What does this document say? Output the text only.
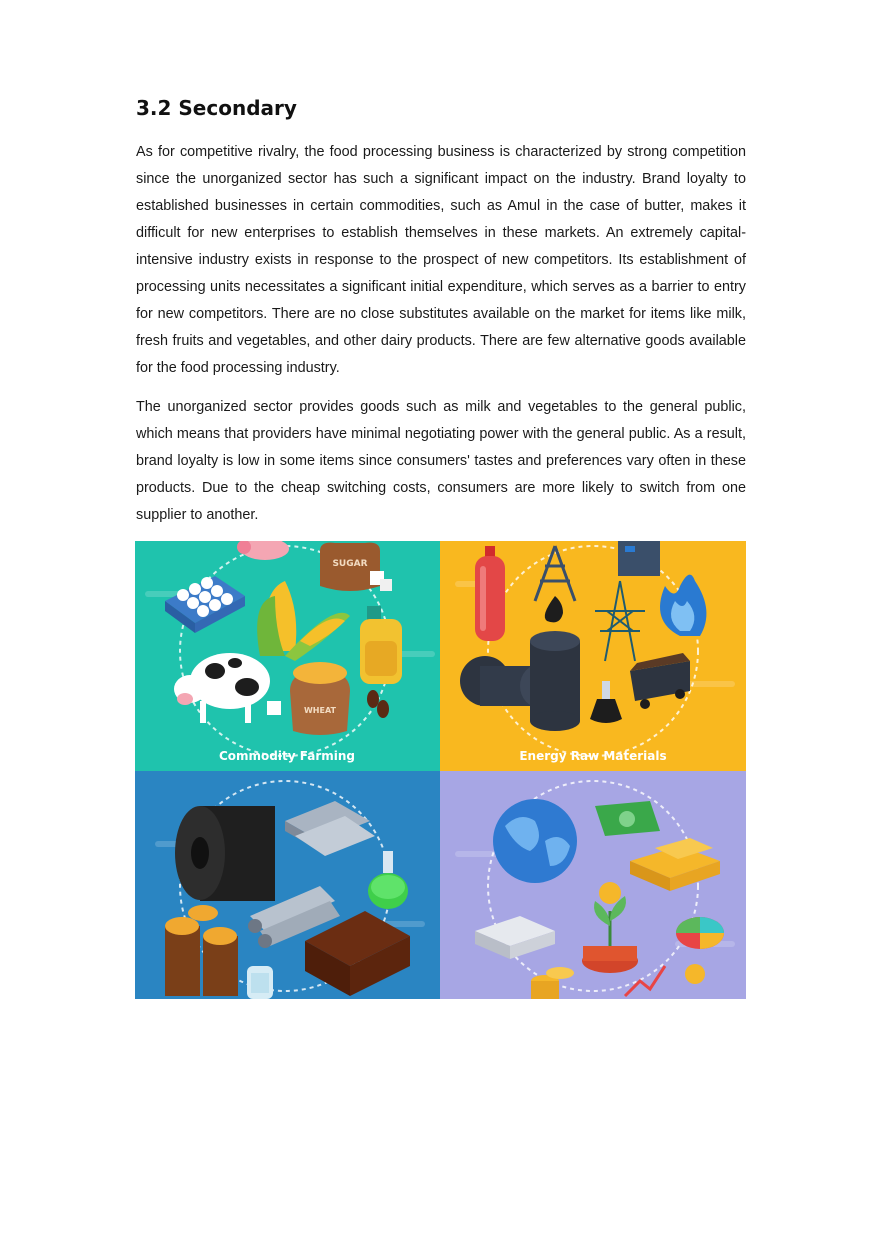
3.2 Secondary

As for competitive rivalry, the food processing business is characterized by strong competition since the unorganized sector has such a significant impact on the industry. Brand loyalty to established businesses in certain commodities, such as Amul in the case of butter, makes it difficult for new enterprises to establish themselves in these markets. An extremely capital-intensive industry exists in response to the prospect of new competitors. Its establishment of processing units necessitates a significant initial expenditure, which serves as a barrier to entry for new competitors. There are no close substitutes available on the market for items like milk, fresh fruits and vegetables, and other dairy products. There are few alternative goods available for the food processing industry.

The unorganized sector provides goods such as milk and vegetables to the general public, which means that providers have minimal negotiating power with the general public. As a result, brand loyalty is low in some items since consumers' tastes and preferences vary often in these products. Due to the cheap switching costs, consumers are more likely to switch from one supplier to another.

SUGAR
WHEAT
Commodity Farming	Energy Raw Materials
